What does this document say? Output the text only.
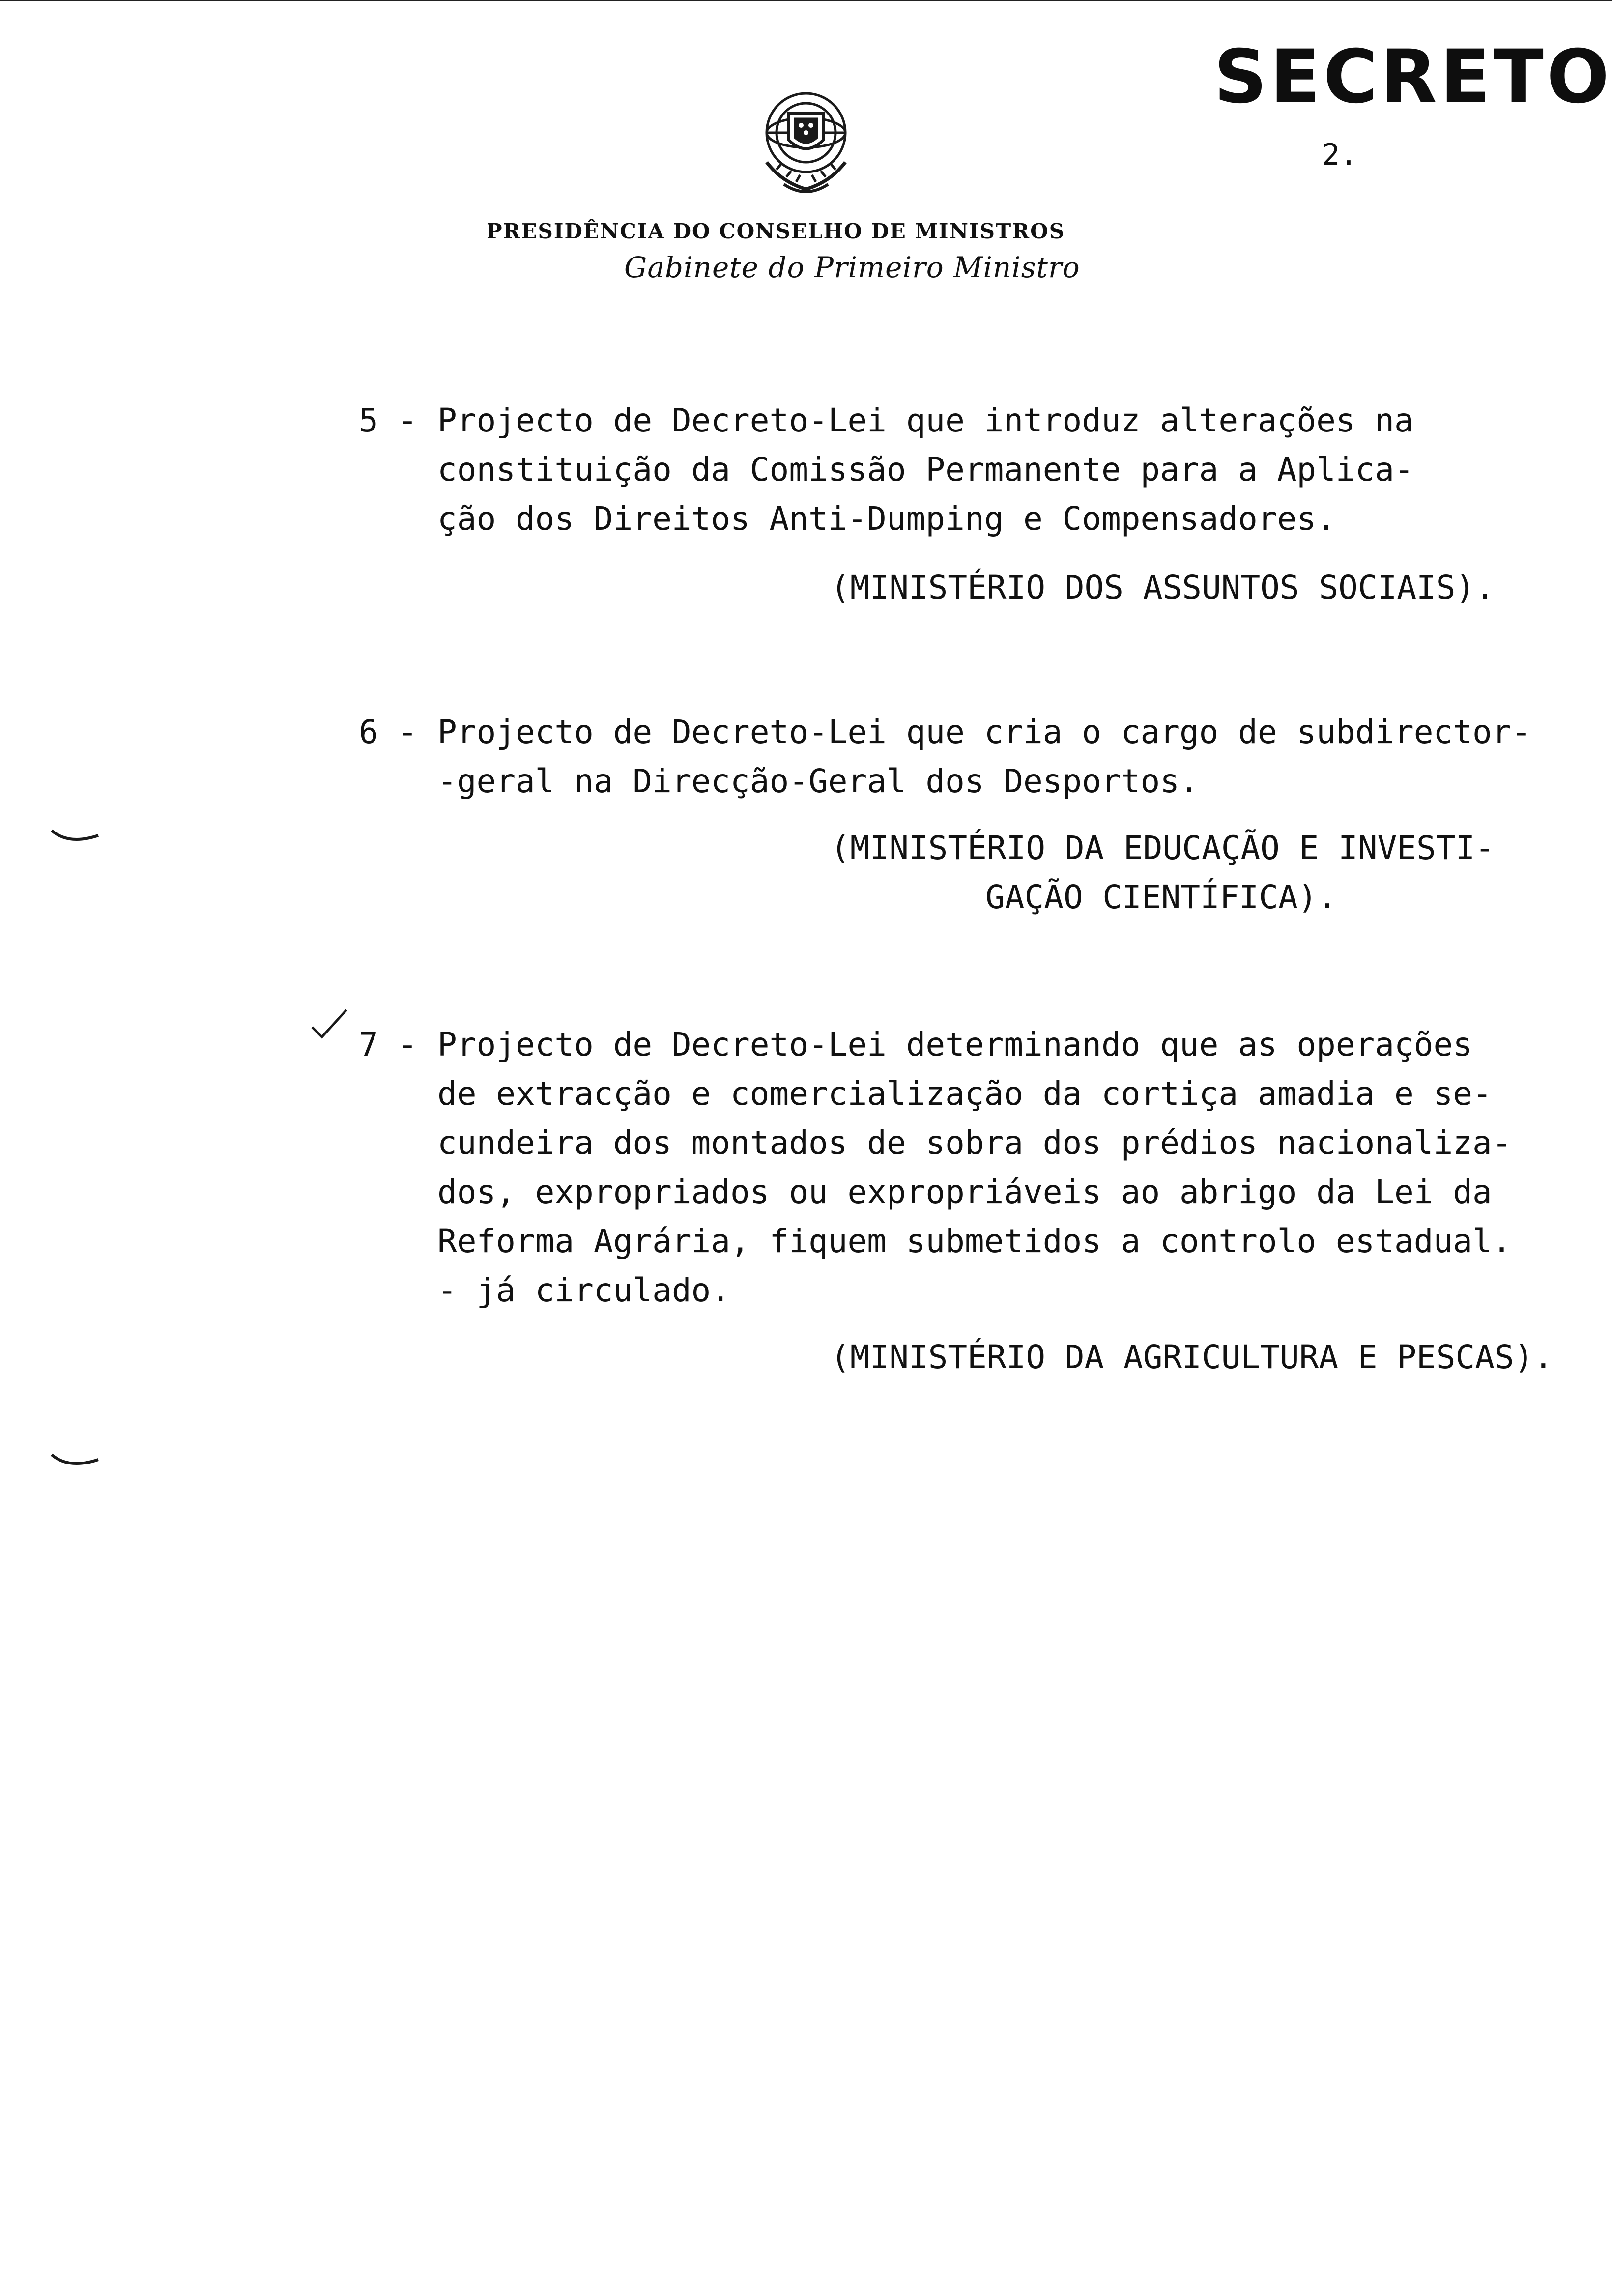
SECRETO
2.
PRESIDÊNCIA DO CONSELHO DE MINISTROS
Gabinete do Primeiro Ministro
5 - Projecto de Decreto-Lei que introduz alterações na
constituição da Comissão Permanente para a Aplica-
ção dos Direitos Anti-Dumping e Compensadores.
(MINISTÉRIO DOS ASSUNTOS SOCIAIS).
6 - Projecto de Decreto-Lei que cria o cargo de subdirector-
-geral na Direcção-Geral dos Desportos.
(MINISTÉRIO DA EDUCAÇÃO E INVESTI-
GAÇÃO CIENTÍFICA).
7 - Projecto de Decreto-Lei determinando que as operações
de extracção e comercialização da cortiça amadia e se-
cundeira dos montados de sobra dos prédios nacionaliza-
dos, expropriados ou expropriáveis ao abrigo da Lei da
Reforma Agrária, fiquem submetidos a controlo estadual.
- já circulado.
(MINISTÉRIO DA AGRICULTURA E PESCAS).
